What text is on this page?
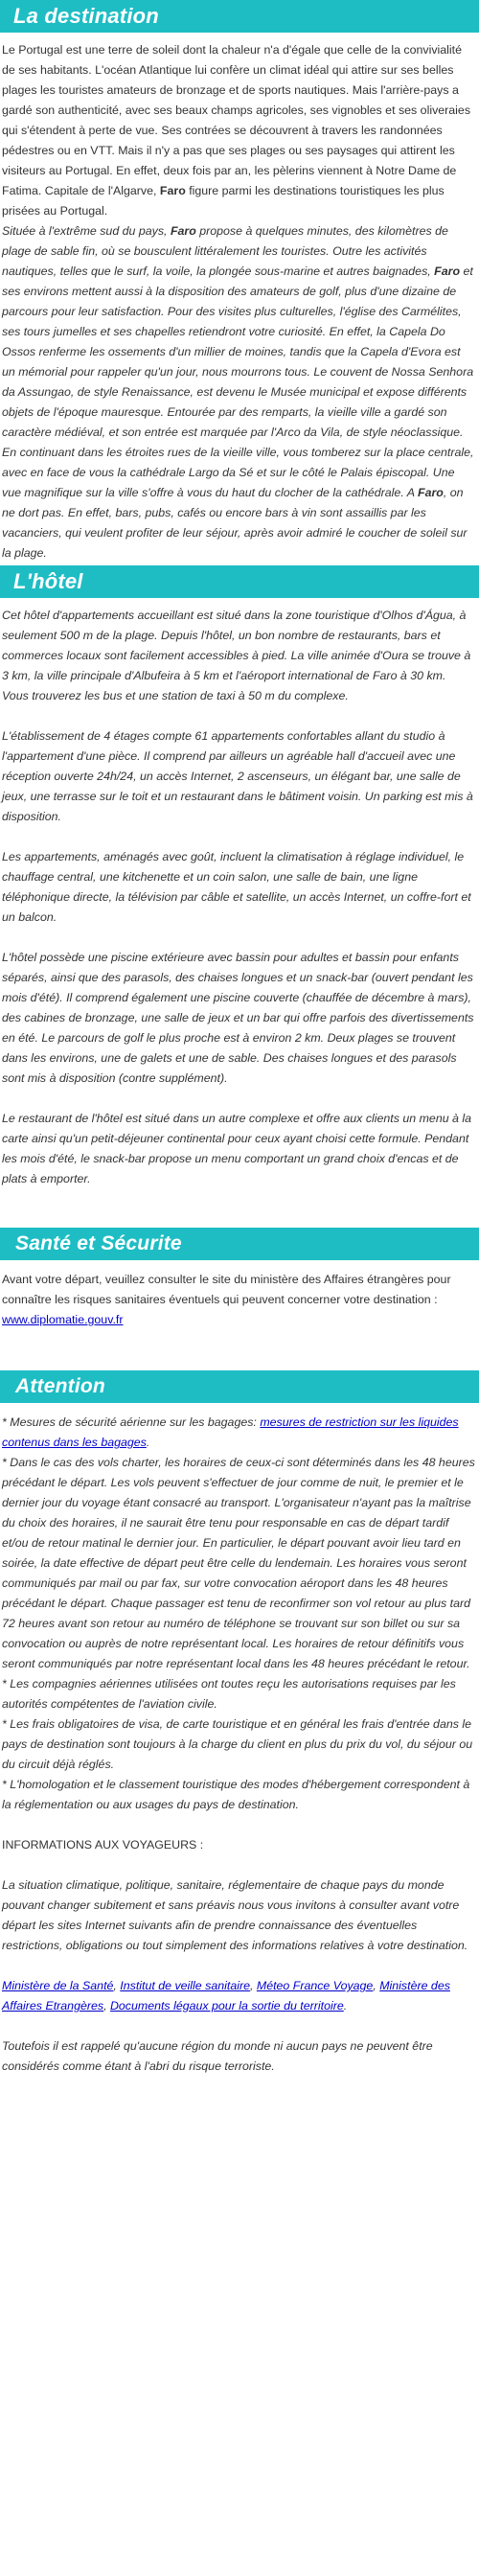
La destination

Le Portugal est une terre de soleil dont la chaleur n'a d'égale que celle de la convivialité de ses habitants. L'océan Atlantique lui confère un climat idéal qui attire sur ses belles plages les touristes amateurs de bronzage et de sports nautiques. Mais l'arrière-pays a gardé son authenticité, avec ses beaux champs agricoles, ses vignobles et ses oliveraies qui s'étendent à perte de vue. Ses contrées se découvrent à travers les randonnées pédestres ou en VTT. Mais il n'y a pas que ses plages ou ses paysages qui attirent les visiteurs au Portugal. En effet, deux fois par an, les pèlerins viennent à Notre Dame de Fatima. Capitale de l'Algarve, Faro figure parmi les destinations touristiques les plus prisées au Portugal.

Située à l'extrême sud du pays, Faro propose à quelques minutes, des kilomètres de plage de sable fin, où se bousculent littéralement les touristes. Outre les activités nautiques, telles que le surf, la voile, la plongée sous-marine et autres baignades, Faro et ses environs mettent aussi à la disposition des amateurs de golf, plus d'une dizaine de parcours pour leur satisfaction. Pour des visites plus culturelles, l'église des Carmélites, ses tours jumelles et ses chapelles retiendront votre curiosité. En effet, la Capela Do Ossos renferme les ossements d'un millier de moines, tandis que la Capela d'Evora est un mémorial pour rappeler qu'un jour, nous mourrons tous. Le couvent de Nossa Senhora da Assungao, de style Renaissance, est devenu le Musée municipal et expose différents objets de l'époque mauresque. Entourée par des remparts, la vieille ville a gardé son caractère médiéval, et son entrée est marquée par l'Arco da Vila, de style néoclassique. En continuant dans les étroites rues de la vieille ville, vous tomberez sur la place centrale, avec en face de vous la cathédrale Largo da Sé et sur le côté le Palais épiscopal. Une vue magnifique sur la ville s'offre à vous du haut du clocher de la cathédrale. A Faro, on ne dort pas. En effet, bars, pubs, cafés ou encore bars à vin sont assaillis par les vacanciers, qui veulent profiter de leur séjour, après avoir admiré le coucher de soleil sur la plage.

L'hôtel

Cet hôtel d'appartements accueillant est situé dans la zone touristique d'Olhos d'Água, à seulement 500 m de la plage. Depuis l'hôtel, un bon nombre de restaurants, bars et commerces locaux sont facilement accessibles à pied. La ville animée d'Oura se trouve à 3 km, la ville principale d'Albufeira à 5 km et l'aéroport international de Faro à 30 km. Vous trouverez les bus et une station de taxi à 50 m du complexe.

L'établissement de 4 étages compte 61 appartements confortables allant du studio à l'appartement d'une pièce. Il comprend par ailleurs un agréable hall d'accueil avec une réception ouverte 24h/24, un accès Internet, 2 ascenseurs, un élégant bar, une salle de jeux, une terrasse sur le toit et un restaurant dans le bâtiment voisin. Un parking est mis à disposition.

Les appartements, aménagés avec goût, incluent la climatisation à réglage individuel, le chauffage central, une kitchenette et un coin salon, une salle de bain, une ligne téléphonique directe, la télévision par câble et satellite, un accès Internet, un coffre-fort et un balcon.

L'hôtel possède une piscine extérieure avec bassin pour adultes et bassin pour enfants séparés, ainsi que des parasols, des chaises longues et un snack-bar (ouvert pendant les mois d'été). Il comprend également une piscine couverte (chauffée de décembre à mars), des cabines de bronzage, une salle de jeux et un bar qui offre parfois des divertissements en été. Le parcours de golf le plus proche est à environ 2 km. Deux plages se trouvent dans les environs, une de galets et une de sable. Des chaises longues et des parasols sont mis à disposition (contre supplément).

Le restaurant de l'hôtel est situé dans un autre complexe et offre aux clients un menu à la carte ainsi qu'un petit-déjeuner continental pour ceux ayant choisi cette formule. Pendant les mois d'été, le snack-bar propose un menu comportant un grand choix d'encas et de plats à emporter.

Santé et Sécurite

Avant votre départ, veuillez consulter le site du ministère des Affaires étrangères pour connaître les risques sanitaires éventuels qui peuvent concerner votre destination : www.diplomatie.gouv.fr

Attention

* Mesures de sécurité aérienne sur les bagages: mesures de restriction sur les liquides contenus dans les bagages.

* Dans le cas des vols charter, les horaires de ceux-ci sont déterminés dans les 48 heures précédant le départ. Les vols peuvent s'effectuer de jour comme de nuit, le premier et le dernier jour du voyage étant consacré au transport. L'organisateur n'ayant pas la maîtrise du choix des horaires, il ne saurait être tenu pour responsable en cas de départ tardif et/ou de retour matinal le dernier jour. En particulier, le départ pouvant avoir lieu tard en soirée, la date effective de départ peut être celle du lendemain. Les horaires vous seront communiqués par mail ou par fax, sur votre convocation aéroport dans les 48 heures précédant le départ. Chaque passager est tenu de reconfirmer son vol retour au plus tard 72 heures avant son retour au numéro de téléphone se trouvant sur son billet ou sur sa convocation ou auprès de notre représentant local. Les horaires de retour définitifs vous seront communiqués par notre représentant local dans les 48 heures précédant le retour.

* Les compagnies aériennes utilisées ont toutes reçu les autorisations requises par les autorités compétentes de l'aviation civile.

* Les frais obligatoires de visa, de carte touristique et en général les frais d'entrée dans le pays de destination sont toujours à la charge du client en plus du prix du vol, du séjour ou du circuit déjà réglés.

* L'homologation et le classement touristique des modes d'hébergement correspondent à la réglementation ou aux usages du pays de destination.

INFORMATIONS AUX VOYAGEURS :

La situation climatique, politique, sanitaire, réglementaire de chaque pays du monde pouvant changer subitement et sans préavis nous vous invitons à consulter avant votre départ les sites Internet suivants afin de prendre connaissance des éventuelles restrictions, obligations ou tout simplement des informations relatives à votre destination.

Ministère de la Santé, Institut de veille sanitaire, Méteo France Voyage, Ministère des Affaires Etrangères, Documents légaux pour la sortie du territoire.

Toutefois il est rappelé qu'aucune région du monde ni aucun pays ne peuvent être considérés comme étant à l'abri du risque terroriste.
